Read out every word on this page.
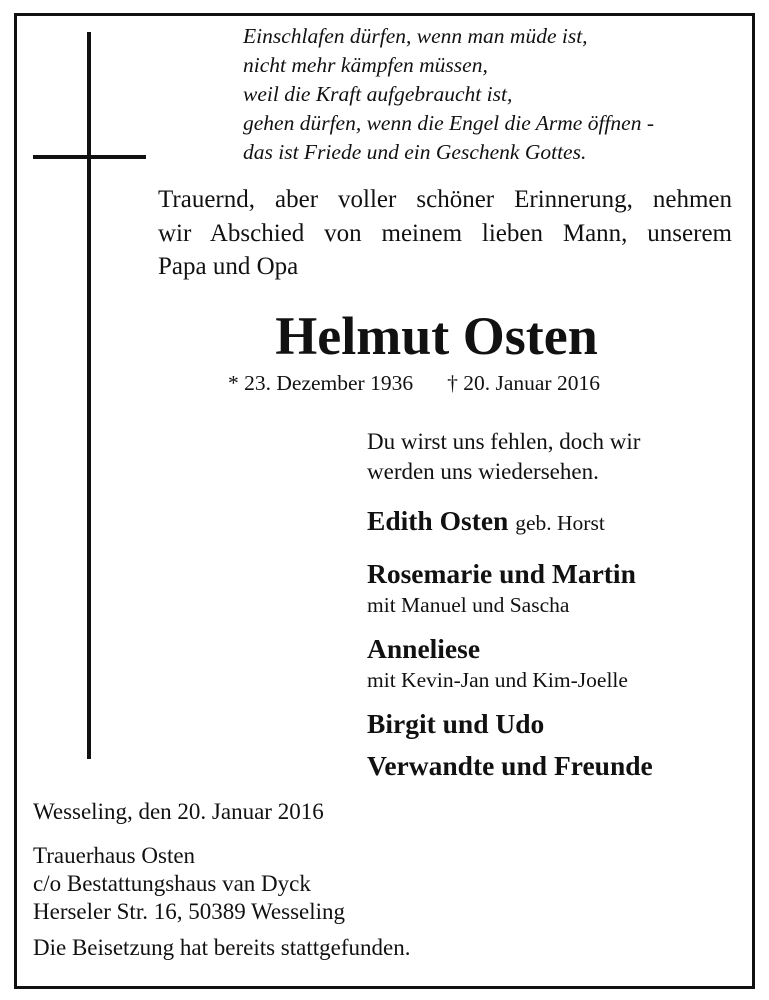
Einschlafen dürfen, wenn man müde ist,
nicht mehr kämpfen müssen,
weil die Kraft aufgebraucht ist,
gehen dürfen, wenn die Engel die Arme öffnen -
das ist Friede und ein Geschenk Gottes.
Trauernd, aber voller schöner Erinnerung, nehmen
wir Abschied von meinem lieben Mann, unserem
Papa und Opa
Helmut Osten
* 23. Dezember 1936 † 20. Januar 2016
Du wirst uns fehlen, doch wir
werden uns wiedersehen.
Edith Osten geb. Horst
Rosemarie und Martin
mit Manuel und Sascha
Anneliese
mit Kevin-Jan und Kim-Joelle
Birgit und Udo
Verwandte und Freunde
Wesseling, den 20. Januar 2016
Trauerhaus Osten
c/o Bestattungshaus van Dyck
Herseler Str. 16, 50389 Wesseling
Die Beisetzung hat bereits stattgefunden.
